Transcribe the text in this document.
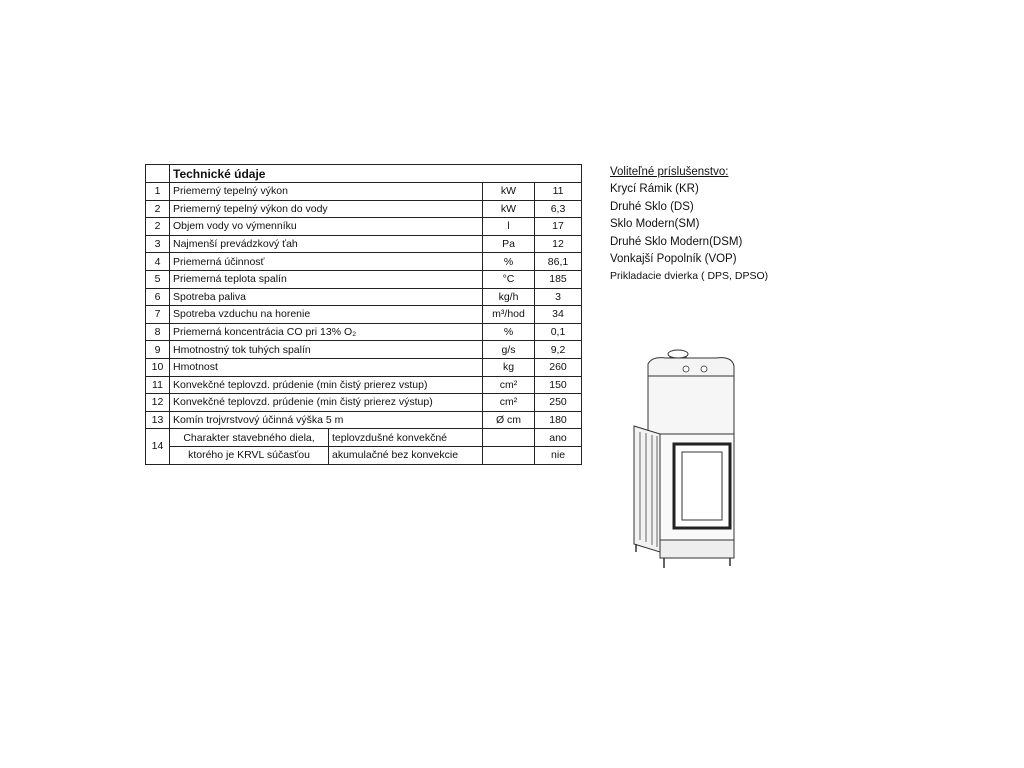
	Technické údaje			
1	Priemerný tepelný výkon		kW	11
2	Priemerný tepelný výkon do vody		kW	6,3
2	Objem vody vo výmenníku		l	17
3	Najmenší prevádzkový ťah		Pa	12
4	Priemerná účinnosť		%	86,1
5	Priemerná teplota spalín		°C	185
6	Spotreba paliva		kg/h	3
7	Spotreba vzduchu na horenie		m³/hod	34
8	Priemerná koncentrácia CO pri 13% O₂		%	0,1
9	Hmotnostný tok tuhých spalín		g/s	9,2
10	Hmotnost		kg	260
11	Konvekčné teplovzd. prúdenie (min čistý prierez vstup)		cm²	150
12	Konvekčné teplovzd. prúdenie (min čistý prierez výstup)		cm²	250
13	Komín trojvrstvový účinná výška 5 m		Ø cm	180
14	Charakter stavebného diela,	teplovzdušné konvekčné		ano
	ktorého je KRVL súčasťou	akumulačné bez konvekcie		nie
Voliteľné príslušenstvo:
Krycí Rámik (KR)
Druhé Sklo (DS)
Sklo Modern(SM)
Druhé Sklo Modern(DSM)
Vonkajší Popolník (VOP)
Prikladacie dvierka ( DPS, DPSO)
